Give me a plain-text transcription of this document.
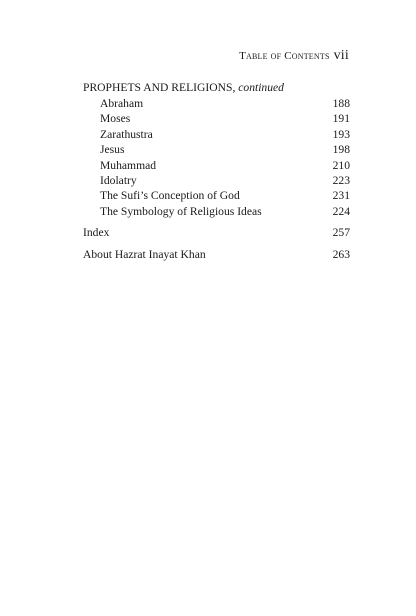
Table of Contents vii
PROPHETS AND RELIGIONS, continued
Abraham	188
Moses	191
Zarathustra	193
Jesus	198
Muhammad	210
Idolatry	223
The Sufi’s Conception of God	231
The Symbology of Religious Ideas	224
Index	257
About Hazrat Inayat Khan	263
